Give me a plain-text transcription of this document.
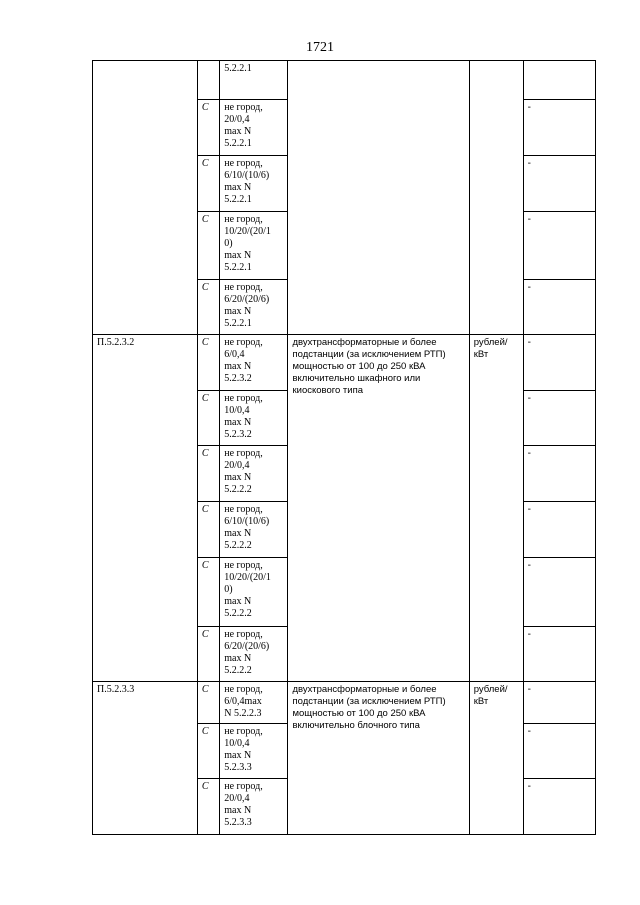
1721

		5.2.2.1			

	C	не город,
20/0,4
max N
5.2.2.1			-
	C	не город,
6/10/(10/6)
max N
5.2.2.1			-
	C	не город,
10/20/(20/1
0)
max N
5.2.2.1			-
	C	не город,
6/20/(20/6)
max N
5.2.2.1			-
П.5.2.3.2	C	не город,
6/0,4
max N
5.2.3.2	двухтрансформаторные и более подстанции (за исключением РТП) мощностью от 100 до 250 кВА включительно шкафного или киоскового типа	рублей/ кВт	-
	C	не город,
10/0,4
max N
5.2.3.2			-
	C	не город,
20/0,4
max N
5.2.2.2			-
	C	не город,
6/10/(10/6)
max N
5.2.2.2			-
	C	не город,
10/20/(20/1
0)
max N
5.2.2.2			-
	C	не город,
6/20/(20/6)
max N
5.2.2.2			-
П.5.2.3.3	C	не город,
6/0,4max
N 5.2.2.3	двухтрансформаторные и более подстанции (за исключением РТП) мощностью от 100 до 250 кВА включительно блочного типа	рублей/ кВт	-
	C	не город,
10/0,4
max N
5.2.3.3			-
	C	не город,
20/0,4
max N
5.2.3.3			-
